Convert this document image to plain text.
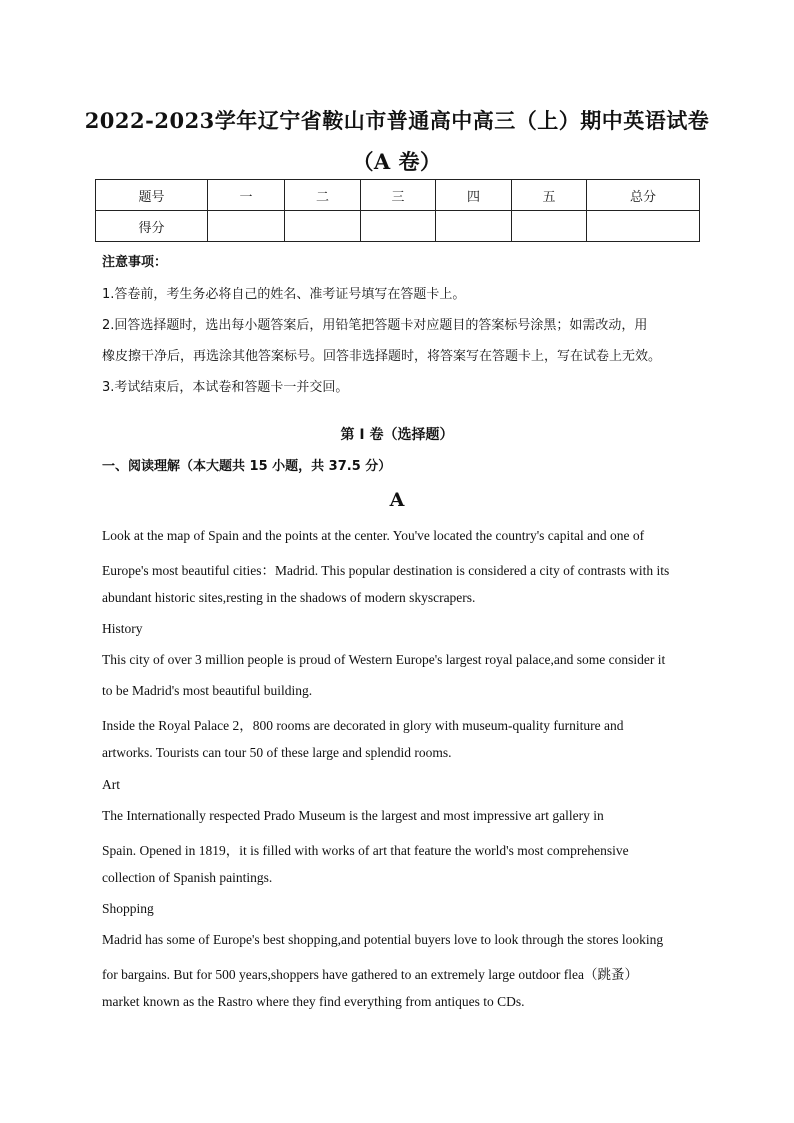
2022-2023学年辽宁省鞍山市普通高中高三（上）期中英语试卷
（A 卷）
题号	一	二	三	四	五	总分
得分						
注意事项：
1.答卷前，考生务必将自己的姓名、准考证号填写在答题卡上。
2.回答选择题时，选出每小题答案后，用铅笔把答题卡对应题目的答案标号涂黑；如需改动，用
橡皮擦干净后，再选涂其他答案标号。回答非选择题时，将答案写在答题卡上，写在试卷上无效。
3.考试结束后，本试卷和答题卡一并交回。
第 I 卷（选择题）
一、阅读理解（本大题共 15 小题，共 37.5 分）
A
Look at the map of Spain and the points at the center. You've located the country's capital and one of
Europe's most beautiful cities：Madrid. This popular destination is considered a city of contrasts with its
abundant historic sites,resting in the shadows of modern skyscrapers.
History
This city of over 3 million people is proud of Western Europe's largest royal palace,and some consider it
to be Madrid's most beautiful building.
Inside the Royal Palace 2，800 rooms are decorated in glory with museum-quality furniture and
artworks. Tourists can tour 50 of these large and splendid rooms.
Art
The Internationally respected Prado Museum is the largest and most impressive art gallery in
Spain. Opened in 1819，it is filled with works of art that feature the world's most comprehensive
collection of Spanish paintings.
Shopping
Madrid has some of Europe's best shopping,and potential buyers love to look through the stores looking
for bargains. But for 500 years,shoppers have gathered to an extremely large outdoor flea（跳蚤）
market known as the Rastro where they find everything from antiques to CDs.
